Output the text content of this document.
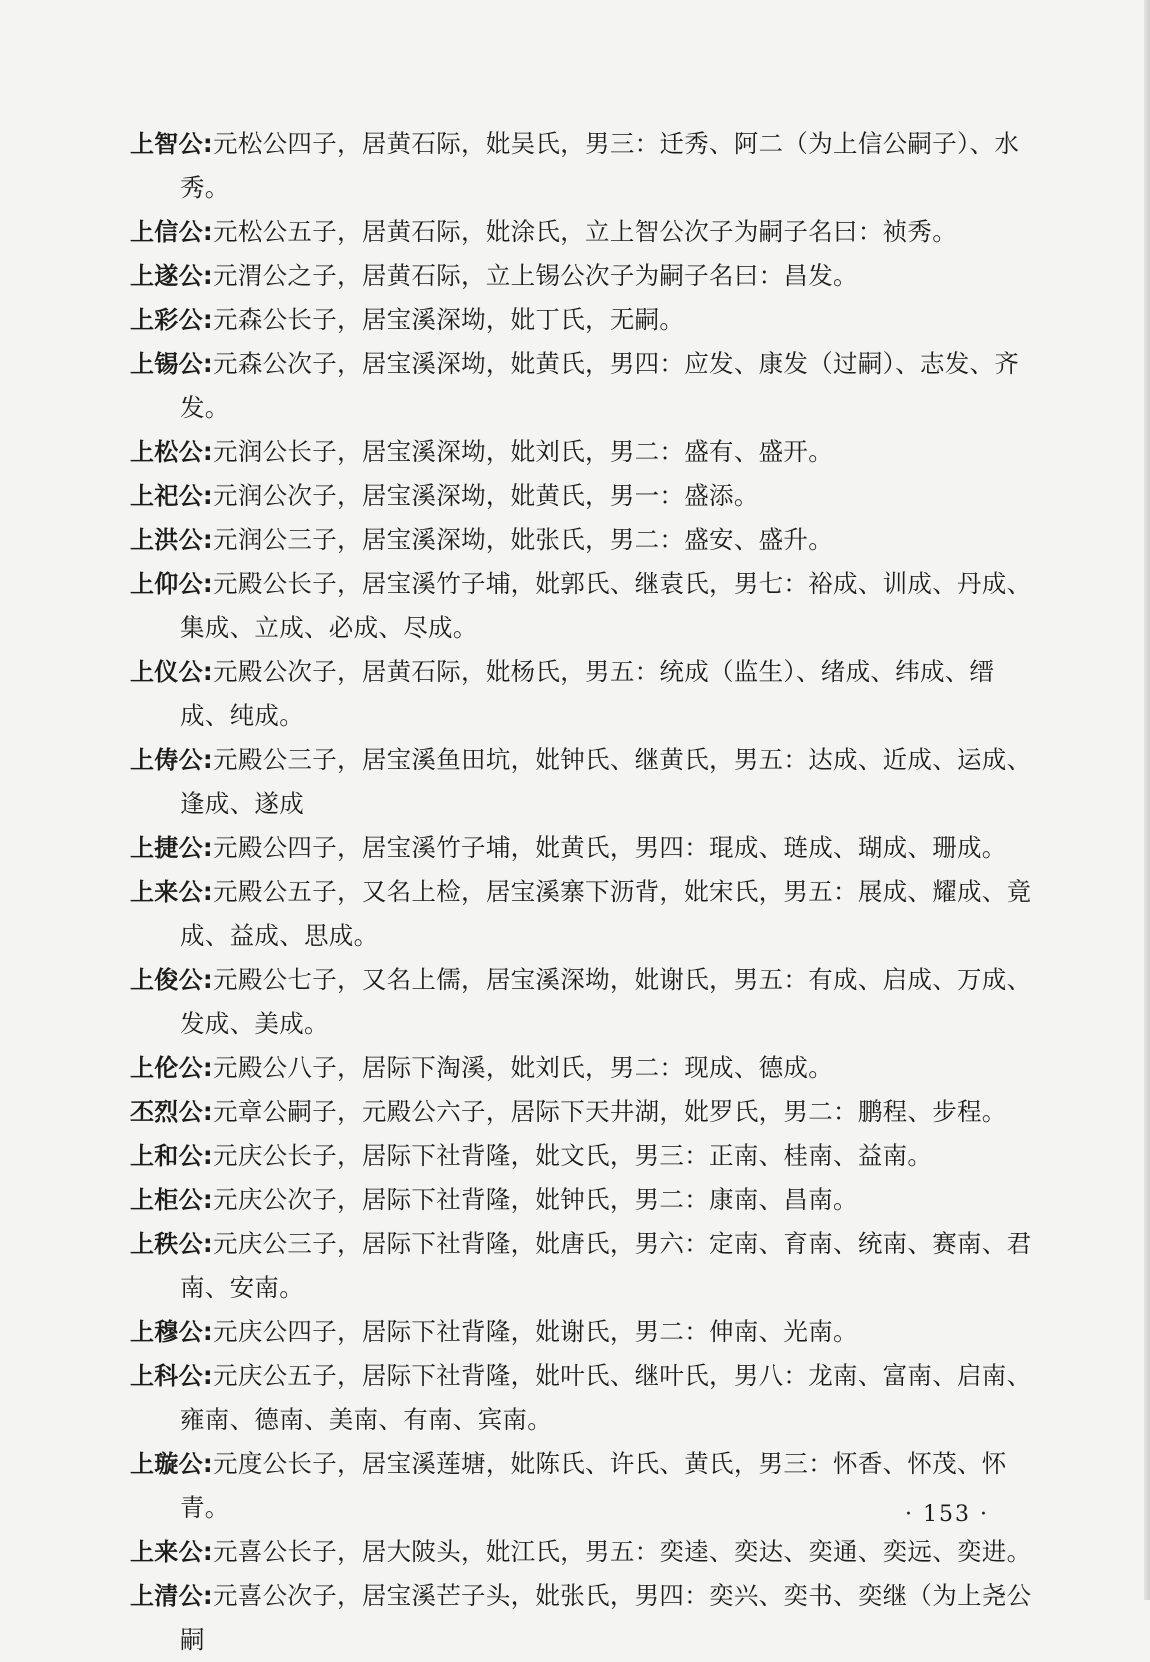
上智公:元松公四子，居黄石际，妣吴氏，男三：迁秀、阿二（为上信公嗣子）、水秀。
上信公:元松公五子，居黄石际，妣涂氏，立上智公次子为嗣子名曰：祯秀。
上遂公:元渭公之子，居黄石际，立上锡公次子为嗣子名曰：昌发。
上彩公:元森公长子，居宝溪深坳，妣丁氏，无嗣。
上锡公:元森公次子，居宝溪深坳，妣黄氏，男四：应发、康发（过嗣）、志发、齐发。
上松公:元润公长子，居宝溪深坳，妣刘氏，男二：盛有、盛开。
上祀公:元润公次子，居宝溪深坳，妣黄氏，男一：盛添。
上洪公:元润公三子，居宝溪深坳，妣张氏，男二：盛安、盛升。
上仰公:元殿公长子，居宝溪竹子埔，妣郭氏、继袁氏，男七：裕成、训成、丹成、集成、立成、必成、尽成。
上仪公:元殿公次子，居黄石际，妣杨氏，男五：统成（监生）、绪成、纬成、缙成、纯成。
上俦公:元殿公三子，居宝溪鱼田坑，妣钟氏、继黄氏，男五：达成、近成、运成、逢成、遂成
上捷公:元殿公四子，居宝溪竹子埔，妣黄氏，男四：琨成、琏成、瑚成、珊成。
上来公:元殿公五子，又名上检，居宝溪寨下沥背，妣宋氏，男五：展成、耀成、竟成、益成、思成。
上俊公:元殿公七子，又名上儒，居宝溪深坳，妣谢氏，男五：有成、启成、万成、发成、美成。
上伦公:元殿公八子，居际下淘溪，妣刘氏，男二：现成、德成。
丕烈公:元章公嗣子，元殿公六子，居际下天井湖，妣罗氏，男二：鹏程、步程。
上和公:元庆公长子，居际下社背隆，妣文氏，男三：正南、桂南、益南。
上柜公:元庆公次子，居际下社背隆，妣钟氏，男二：康南、昌南。
上秩公:元庆公三子，居际下社背隆，妣唐氏，男六：定南、育南、统南、赛南、君南、安南。
上穆公:元庆公四子，居际下社背隆，妣谢氏，男二：伸南、光南。
上科公:元庆公五子，居际下社背隆，妣叶氏、继叶氏，男八：龙南、富南、启南、雍南、德南、美南、有南、宾南。
上璇公:元度公长子，居宝溪莲塘，妣陈氏、许氏、黄氏，男三：怀香、怀茂、怀青。
上来公:元喜公长子，居大陂头，妣江氏，男五：奕逵、奕达、奕通、奕远、奕进。
上清公:元喜公次子，居宝溪芒子头，妣张氏，男四：奕兴、奕书、奕继（为上尧公嗣
· 153 ·
